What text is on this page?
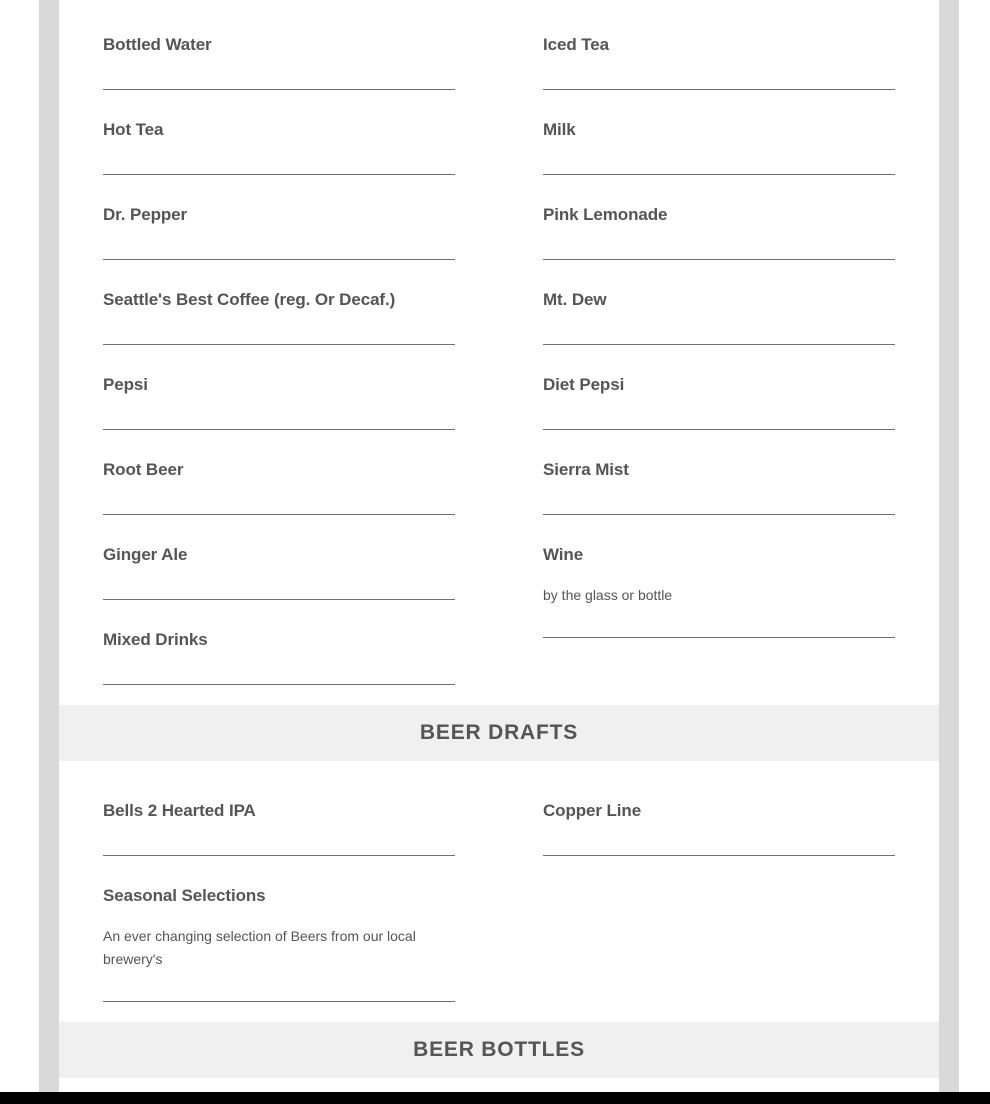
Bottled Water
Hot Tea
Dr. Pepper
Seattle's Best Coffee (reg. Or Decaf.)
Pepsi
Root Beer
Ginger Ale
Mixed Drinks
Iced Tea
Milk
Pink Lemonade
Mt. Dew
Diet Pepsi
Sierra Mist
Wine
by the glass or bottle
BEER DRAFTS
Bells 2 Hearted IPA	Copper Line
Seasonal Selections
An ever changing selection of Beers from our local brewery's
BEER BOTTLES
